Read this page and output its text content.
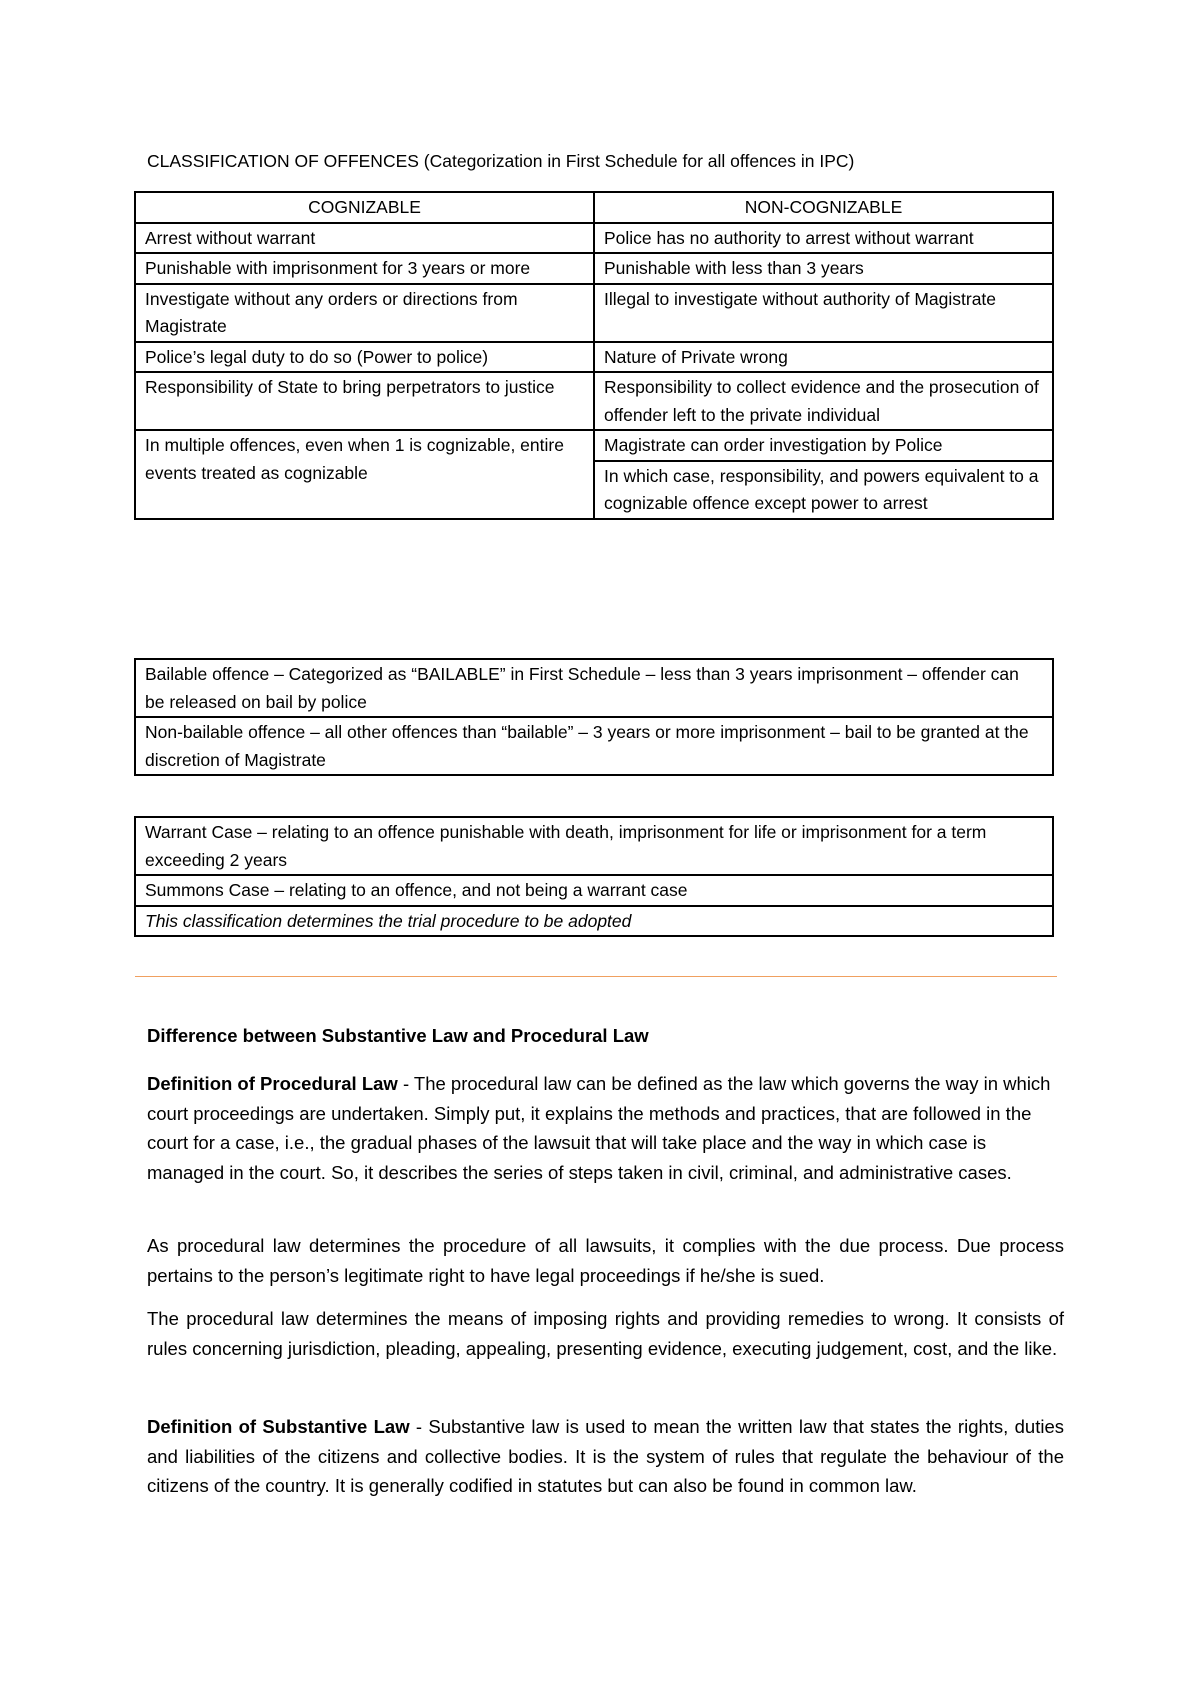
CLASSIFICATION OF OFFENCES (Categorization in First Schedule for all offences in IPC)
COGNIZABLE	NON-COGNIZABLE
Arrest without warrant	Police has no authority to arrest without warrant
Punishable with imprisonment for 3 years or more	Punishable with less than 3 years
Investigate without any orders or directions from Magistrate	Illegal to investigate without authority of Magistrate
Police’s legal duty to do so (Power to police)	Nature of Private wrong
Responsibility of State to bring perpetrators to justice	Responsibility to collect evidence and the prosecution of offender left to the private individual
In multiple offences, even when 1 is cognizable, entire events treated as cognizable	Magistrate can order investigation by Police
	In which case, responsibility, and powers equivalent to a cognizable offence except power to arrest
Bailable offence – Categorized as “BAILABLE” in First Schedule – less than 3 years imprisonment – offender can be released on bail by police
Non-bailable offence – all other offences than “bailable” – 3 years or more imprisonment – bail to be granted at the discretion of Magistrate
Warrant Case – relating to an offence punishable with death, imprisonment for life or imprisonment for a term exceeding 2 years
Summons Case – relating to an offence, and not being a warrant case
This classification determines the trial procedure to be adopted
Difference between Substantive Law and Procedural Law

Definition of Procedural Law - The procedural law can be defined as the law which governs the way in which court proceedings are undertaken. Simply put, it explains the methods and practices, that are followed in the court for a case, i.e., the gradual phases of the lawsuit that will take place and the way in which case is managed in the court. So, it describes the series of steps taken in civil, criminal, and administrative cases.

As procedural law determines the procedure of all lawsuits, it complies with the due process. Due process pertains to the person’s legitimate right to have legal proceedings if he/she is sued.

The procedural law determines the means of imposing rights and providing remedies to wrong. It consists of rules concerning jurisdiction, pleading, appealing, presenting evidence, executing judgement, cost, and the like.

Definition of Substantive Law - Substantive law is used to mean the written law that states the rights, duties and liabilities of the citizens and collective bodies. It is the system of rules that regulate the behaviour of the citizens of the country. It is generally codified in statutes but can also be found in common law.
